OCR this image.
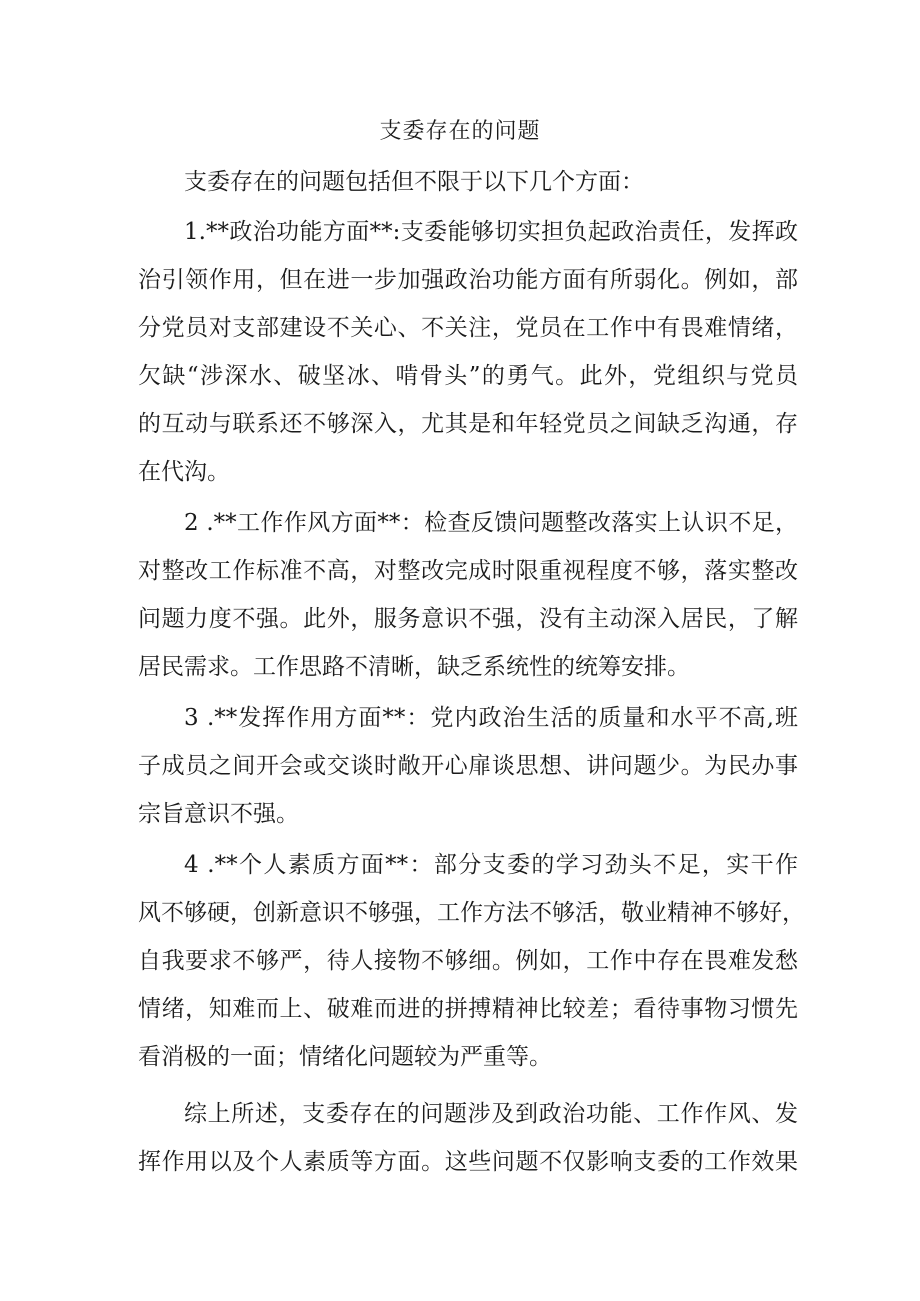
支委存在的问题
支委存在的问题包括但不限于以下几个方面：
1.**政治功能方面**:支委能够切实担负起政治责任，发挥政
治引领作用，但在进一步加强政治功能方面有所弱化。例如，部
分党员对支部建设不关心、不关注，党员在工作中有畏难情绪，
欠缺“涉深水、破坚冰、啃骨头”的勇气。此外，党组织与党员
的互动与联系还不够深入，尤其是和年轻党员之间缺乏沟通，存
在代沟。
2 .**工作作风方面**：检查反馈问题整改落实上认识不足，
对整改工作标准不高，对整改完成时限重视程度不够，落实整改
问题力度不强。此外，服务意识不强，没有主动深入居民，了解
居民需求。工作思路不清晰，缺乏系统性的统筹安排。
3 .**发挥作用方面**：党内政治生活的质量和水平不高,班
子成员之间开会或交谈时敞开心扉谈思想、讲问题少。为民办事
宗旨意识不强。
4 .**个人素质方面**：部分支委的学习劲头不足，实干作
风不够硬，创新意识不够强，工作方法不够活，敬业精神不够好，
自我要求不够严，待人接物不够细。例如，工作中存在畏难发愁
情绪，知难而上、破难而进的拼搏精神比较差；看待事物习惯先
看消极的一面；情绪化问题较为严重等。
综上所述，支委存在的问题涉及到政治功能、工作作风、发
挥作用以及个人素质等方面。这些问题不仅影响支委的工作效果
